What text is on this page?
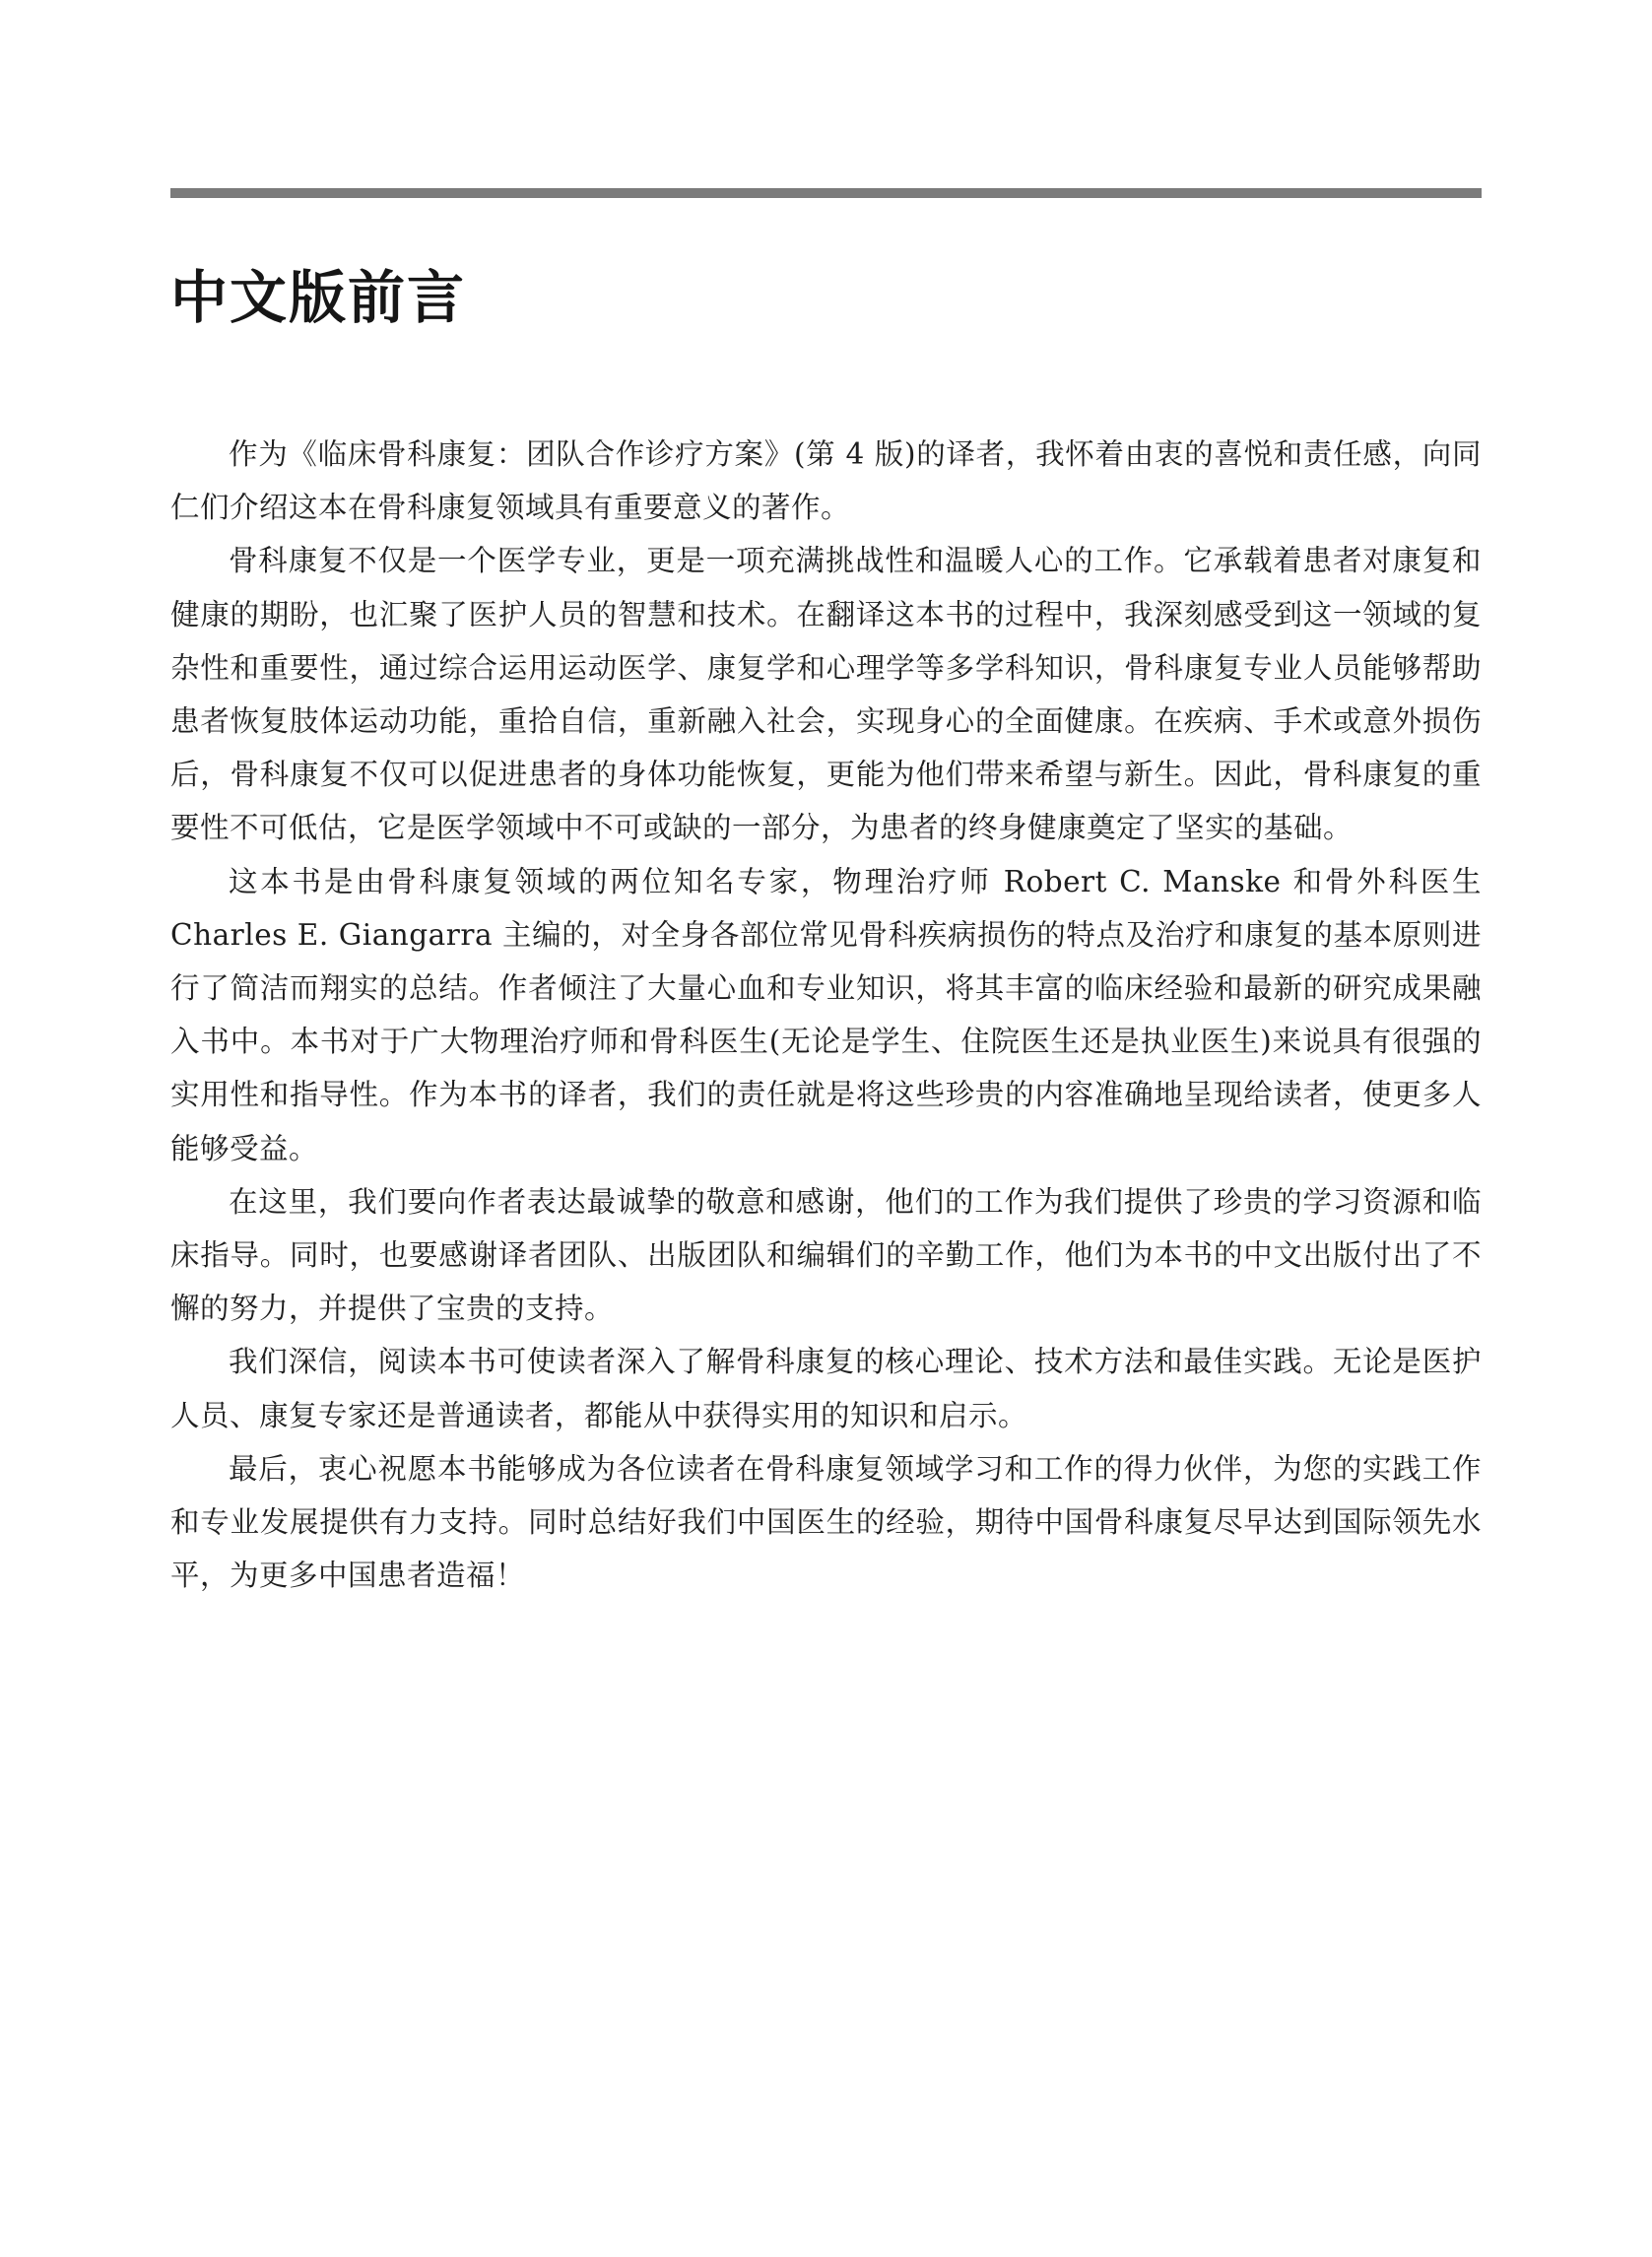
中文版前言

作为《临床骨科康复：团队合作诊疗方案》(第 4 版)的译者，我怀着由衷的喜悦和责任感，向同仁们介绍这本在骨科康复领域具有重要意义的著作。

骨科康复不仅是一个医学专业，更是一项充满挑战性和温暖人心的工作。它承载着患者对康复和健康的期盼，也汇聚了医护人员的智慧和技术。在翻译这本书的过程中，我深刻感受到这一领域的复杂性和重要性，通过综合运用运动医学、康复学和心理学等多学科知识，骨科康复专业人员能够帮助患者恢复肢体运动功能，重拾自信，重新融入社会，实现身心的全面健康。在疾病、手术或意外损伤后，骨科康复不仅可以促进患者的身体功能恢复，更能为他们带来希望与新生。因此，骨科康复的重要性不可低估，它是医学领域中不可或缺的一部分，为患者的终身健康奠定了坚实的基础。

这本书是由骨科康复领域的两位知名专家，物理治疗师 Robert C. Manske 和骨外科医生 Charles E. Giangarra 主编的，对全身各部位常见骨科疾病损伤的特点及治疗和康复的基本原则进行了简洁而翔实的总结。作者倾注了大量心血和专业知识，将其丰富的临床经验和最新的研究成果融入书中。本书对于广大物理治疗师和骨科医生(无论是学生、住院医生还是执业医生)来说具有很强的实用性和指导性。作为本书的译者，我们的责任就是将这些珍贵的内容准确地呈现给读者，使更多人能够受益。

在这里，我们要向作者表达最诚挚的敬意和感谢，他们的工作为我们提供了珍贵的学习资源和临床指导。同时，也要感谢译者团队、出版团队和编辑们的辛勤工作，他们为本书的中文出版付出了不懈的努力，并提供了宝贵的支持。

我们深信，阅读本书可使读者深入了解骨科康复的核心理论、技术方法和最佳实践。无论是医护人员、康复专家还是普通读者，都能从中获得实用的知识和启示。

最后，衷心祝愿本书能够成为各位读者在骨科康复领域学习和工作的得力伙伴，为您的实践工作和专业发展提供有力支持。同时总结好我们中国医生的经验，期待中国骨科康复尽早达到国际领先水平，为更多中国患者造福！
